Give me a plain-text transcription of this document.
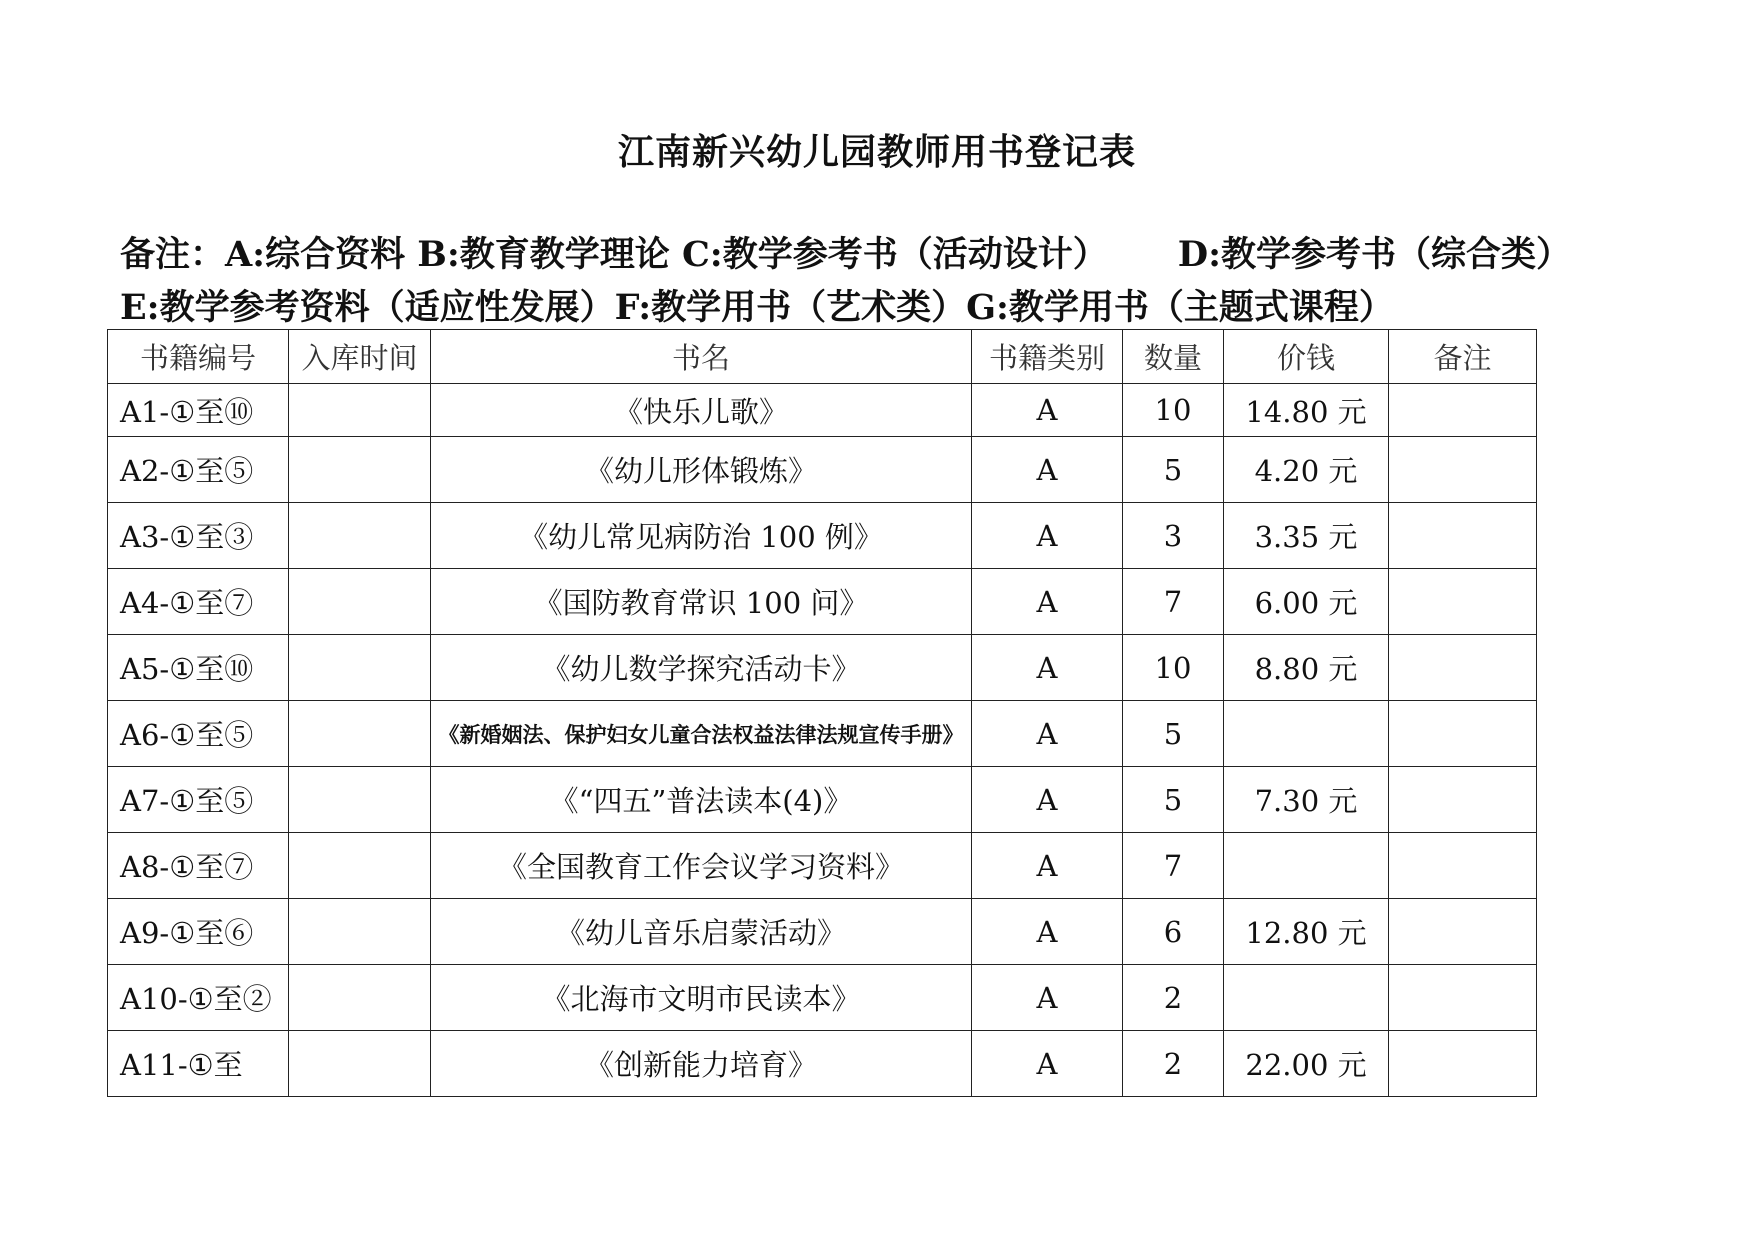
江南新兴幼儿园教师用书登记表
备注：A:综合资料 B:教育教学理论 C:教学参考书（活动设计） D:教学参考书（综合类）
E:教学参考资料（适应性发展）F:教学用书（艺术类）G:教学用书（主题式课程）
书籍编号	入库时间	书名	书籍类别	数量	价钱	备注
A1-①至⑩		《快乐儿歌》	A	10	14.80 元	
A2-①至⑤		《幼儿形体锻炼》	A	5	4.20 元	
A3-①至③		《幼儿常见病防治 100 例》	A	3	3.35 元	
A4-①至⑦		《国防教育常识 100 问》	A	7	6.00 元	
A5-①至⑩		《幼儿数学探究活动卡》	A	10	8.80 元	
A6-①至⑤		《新婚姻法、保护妇女儿童合法权益法律法规宣传手册》	A	5		
A7-①至⑤		《“四五”普法读本(4)》	A	5	7.30 元	
A8-①至⑦		《全国教育工作会议学习资料》	A	7		
A9-①至⑥		《幼儿音乐启蒙活动》	A	6	12.80 元	
A10-①至②		《北海市文明市民读本》	A	2		
A11-①至		《创新能力培育》	A	2	22.00 元	
